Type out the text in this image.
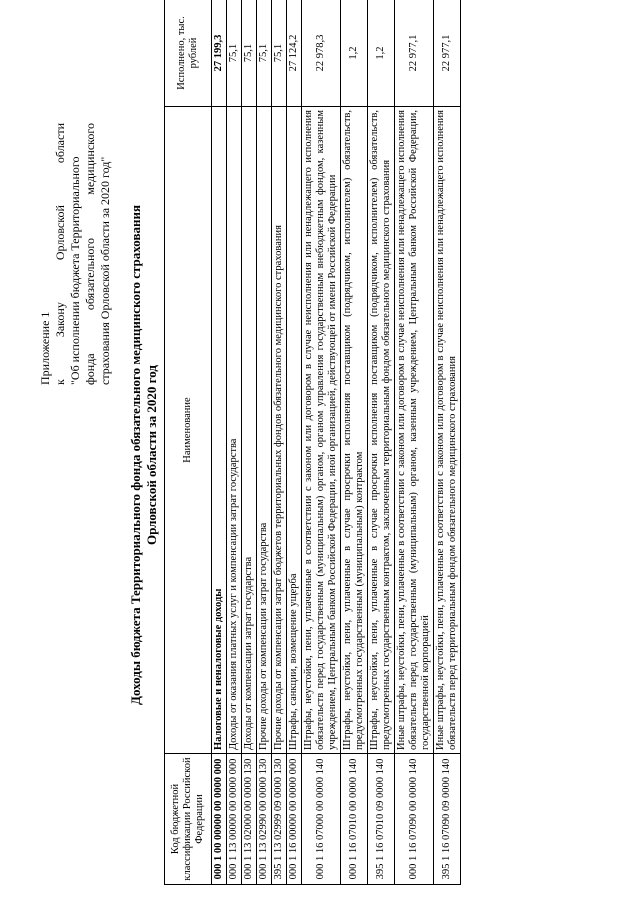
Приложение 1 к Закону Орловской области
"Об исполнении бюджета Территориального фонда обязательного медицинского страхования Орловской области за 2020 год" Доходы бюджета Территориального фонда обязательного медицинского страхования Орловской области за 2020 год
Код бюджетной классификации Российской Федерации	Наименование	Исполнено, тыс. рублей
000 1 00 00000 00 0000 000	Налоговые и неналоговые доходы	27 199,3
000 1 13 00000 00 0000 000	Доходы от оказания платных услуг и компенсации затрат государства	75,1
000 1 13 02000 00 0000 130	Доходы от компенсации затрат государства	75,1
000 1 13 02990 00 0000 130	Прочие доходы от компенсации затрат государства	75,1
395 1 13 02999 09 0000 130	Прочие доходы от компенсации затрат бюджетов территориальных фондов обязательного медицинского страхования	75,1
000 1 16 00000 00 0000 000	Штрафы, санкции, возмещение ущерба	27 124,2
000 1 16 07000 00 0000 140	Штрафы, неустойки, пени, уплаченные в соответствии с законом или договором в случае неисполнения или ненадлежащего исполнения обязательств перед государственным (муниципальным) органом, органом управления государственным внебюджетным фондом, казенным учреждением, Центральным банком Российской Федерации, иной организацией, действующей от имени Российской Федерации	22 978,3
000 1 16 07010 00 0000 140	Штрафы, неустойки, пени, уплаченные в случае просрочки исполнения поставщиком (подрядчиком, исполнителем) обязательств, предусмотренных государственным (муниципальным) контрактом	1,2
395 1 16 07010 09 0000 140	Штрафы, неустойки, пени, уплаченные в случае просрочки исполнения поставщиком (подрядчиком, исполнителем) обязательств, предусмотренных государственным контрактом, заключенным территориальным фондом обязательного медицинского страхования	1,2
000 1 16 07090 00 0000 140	Иные штрафы, неустойки, пени, уплаченные в соответствии с законом или договором в случае неисполнения или ненадлежащего исполнения обязательств перед государственным (муниципальным) органом, казенным учреждением, Центральным банком Российской Федерации, государственной корпорацией	22 977,1
395 1 16 07090 09 0000 140	Иные штрафы, неустойки, пени, уплаченные в соответствии с законом или договором в случае неисполнения или ненадлежащего исполнения обязательств перед территориальным фондом обязательного медицинского страхования	22 977,1
